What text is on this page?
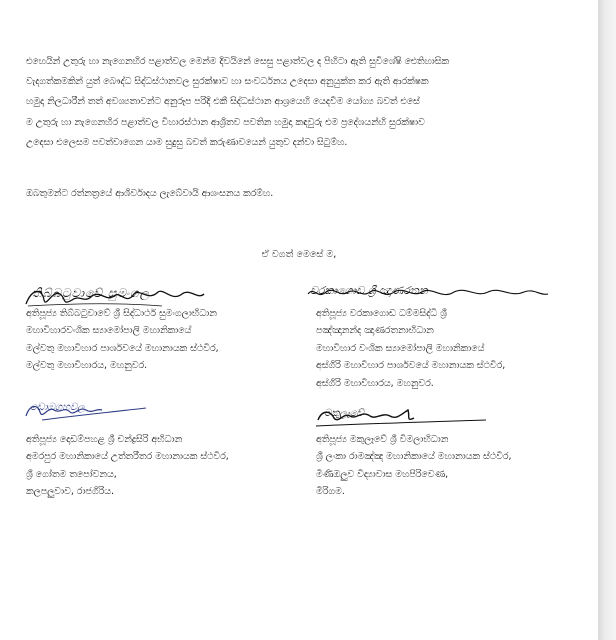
එහෙයින් උතුරු හා නැගෙනහිර පළාත්වල මෙන්ම දිවයිනේ සෙසු පළාත්වල ද පිහිටා ඇති සුවිශේෂි ඓතිහාසික
වැදගත්කමකින් යුත් බෞද්ධ සිද්ධස්ථානවල සුරක්ෂාව හා සංවර්ධනය උදෙසා අනුයුක්ත කර ඇති ආරක්ෂක
හමුදා නිලධාරීන් තත් අවශ්‍යතාවන්ට අනුරූප පරිදි එකී සිද්ධස්ථාන ආශ්‍රයෙහි යෙදවීම යෝග්‍ය බවත් එසේ
ම උතුරු හා නැගෙනහිර පළාත්වල විහාරස්ථාන ආශ්‍රිතව පවතින හමුදා කඳවුරු එම ප්‍රදේශයන්හි සුරක්ෂාව
උදෙසා එලෙසම පවත්වාගෙන යාම සුදුසු බවත් කරුණාවයෙන් යුතුව දන්වා සිටුම්හ.
ඔබතුමන්ට රත්නත්‍රයේ ආශිර්වාදය ලැබේවායි ආශංසනය කරම්හ.
ඒ වගත් මෙසේ ම,
තිබ්බටුවාවේ සුමංගල
අතිපූජ්‍ය තිබ්බටුවාවේ ශ්‍රී සිද්ධාර්ථ සුමංගලාභිධාන
මහාවිහාරවංශික ස්‍යාමෝපාලි මහානිකායේ
මල්වතු මහාවිහාර පාර්ශවයේ මහානායක ස්ථවිර,
මල්වතු මහාවිහාරය, මහනුවර.
වරකාගොඩ ශ්‍රී ඤාණරතන
අතිපූජ්‍ය වරකාගොඩ ධම්මසිද්ධි ශ්‍රී
පඤ්ඤානන්ද ඤාණරතනාභිධාන
මහාවිහාර වංශික ස්‍යාමෝපාලි මහානිකායේ
අස්ගිරි මහාවිහාර පාර්ශවයේ මහානායක ස්ථවිර,
අස්ගිරි මහාවිහාරය, මහනුවර.
ඩොඹගහවල
අතිපූජ්‍ය දොඩම්පහළ ශ්‍රී චන්ද්‍රසිරි අභිධාන
අමරපුර මහානිකායේ උත්තරීතර මහානායක ස්ථවිර,
ශ්‍රී ගෝතම තපෝවනය,
කලපලුවාව, රාජගිරිය.
මකුලෑවේ
අතිපූජ්‍ය මකුලෑවේ ශ්‍රී විමලාභිධාන
ශ්‍රී ලංකා රාමඤ්ඤ මහානිකායේ මහානායක ස්ථවිර,
මිණිඔලුව විද්‍යාවාස මහපිරිවෙණ,
මීරිගම.
